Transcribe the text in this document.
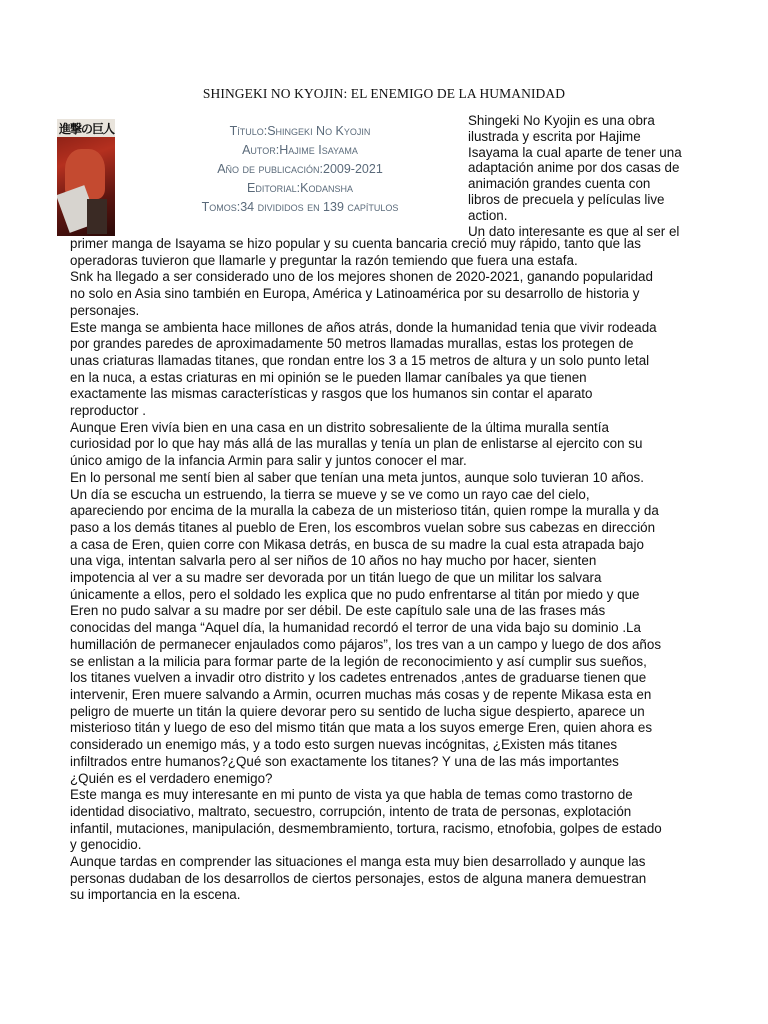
SHINGEKI NO KYOJIN: EL ENEMIGO DE LA HUMANIDAD
進撃の巨人	Título:Shingeki No Kyojin
Autor:Hajime Isayama
Año de publicación:2009-2021
Editorial:Kodansha
Tomos:34 divididos en 139 capítulos
Shingeki No Kyojin es una obra
ilustrada y escrita por Hajime
Isayama la cual aparte de tener una
adaptación anime por dos casas de
animación grandes cuenta con
libros de precuela y películas live
action.
Un dato interesante es que al ser el
primer manga de Isayama se hizo popular y su cuenta bancaria creció muy rápido, tanto que las
operadoras tuvieron que llamarle y preguntar la razón temiendo que fuera una estafa.
Snk ha llegado a ser considerado uno de los mejores shonen de 2020-2021, ganando popularidad
no solo en Asia sino también en Europa, América y Latinoamérica por su desarrollo de historia y
personajes.
Este manga se ambienta hace millones de años atrás, donde la humanidad tenia que vivir rodeada
por grandes paredes de aproximadamente 50 metros llamadas murallas, estas los protegen de
unas criaturas llamadas titanes, que rondan entre los 3 a 15 metros de altura y un solo punto letal
en la nuca, a estas criaturas en mi opinión se le pueden llamar caníbales ya que tienen
exactamente las mismas características y rasgos que los humanos sin contar el aparato
reproductor .
Aunque Eren vivía bien en una casa en un distrito sobresaliente de la última muralla sentía
curiosidad por lo que hay más allá de las murallas y tenía un plan de enlistarse al ejercito con su
único amigo de la infancia Armin para salir y juntos conocer el mar.
En lo personal me sentí bien al saber que tenían una meta juntos, aunque solo tuvieran 10 años.
Un día se escucha un estruendo, la tierra se mueve y se ve como un rayo cae del cielo,
apareciendo por encima de la muralla la cabeza de un misterioso titán, quien rompe la muralla y da
paso a los demás titanes al pueblo de Eren, los escombros vuelan sobre sus cabezas en dirección
a casa de Eren, quien corre con Mikasa detrás, en busca de su madre la cual esta atrapada bajo
una viga, intentan salvarla pero al ser niños de 10 años no hay mucho por hacer, sienten
impotencia al ver a su madre ser devorada por un titán luego de que un militar los salvara
únicamente a ellos, pero el soldado les explica que no pudo enfrentarse al titán por miedo y que
Eren no pudo salvar a su madre por ser débil. De este capítulo sale una de las frases más
conocidas del manga “Aquel día, la humanidad recordó el terror de una vida bajo su dominio .La
humillación de permanecer enjaulados como pájaros”, los tres van a un campo y luego de dos años
se enlistan a la milicia para formar parte de la legión de reconocimiento y así cumplir sus sueños,
los titanes vuelven a invadir otro distrito y los cadetes entrenados ,antes de graduarse tienen que
intervenir, Eren muere salvando a Armin, ocurren muchas más cosas y de repente Mikasa esta en
peligro de muerte un titán la quiere devorar pero su sentido de lucha sigue despierto, aparece un
misterioso titán y luego de eso del mismo titán que mata a los suyos emerge Eren, quien ahora es
considerado un enemigo más, y a todo esto surgen nuevas incógnitas, ¿Existen más titanes
infiltrados entre humanos?¿Qué son exactamente los titanes? Y una de las más importantes
¿Quién es el verdadero enemigo?
Este manga es muy interesante en mi punto de vista ya que habla de temas como trastorno de
identidad disociativo, maltrato, secuestro, corrupción, intento de trata de personas, explotación
infantil, mutaciones, manipulación, desmembramiento, tortura, racismo, etnofobia, golpes de estado
y genocidio.
Aunque tardas en comprender las situaciones el manga esta muy bien desarrollado y aunque las
personas dudaban de los desarrollos de ciertos personajes, estos de alguna manera demuestran
su importancia en la escena.
